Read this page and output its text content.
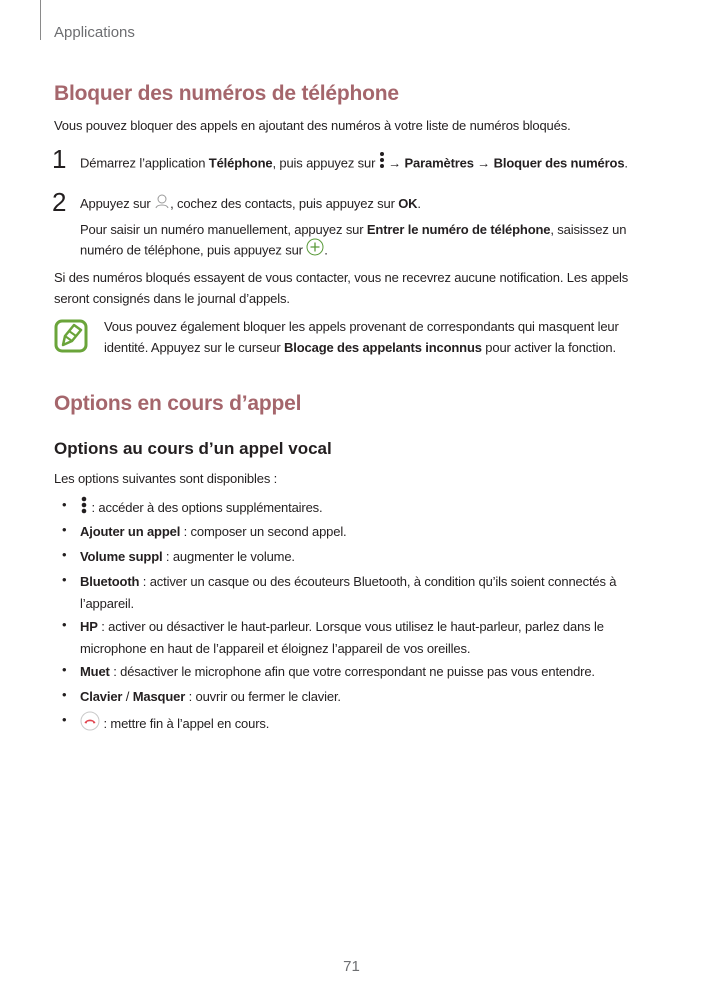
Applications
Bloquer des numéros de téléphone
Vous pouvez bloquer des appels en ajoutant des numéros à votre liste de numéros bloqués.
1 Démarrez l’application Téléphone, puis appuyez sur  → Paramètres → Bloquer des numéros.
2 Appuyez sur , cochez des contacts, puis appuyez sur OK.
Pour saisir un numéro manuellement, appuyez sur Entrer le numéro de téléphone, saisissez un
numéro de téléphone, puis appuyez sur .
Si des numéros bloqués essayent de vous contacter, vous ne recevrez aucune notification. Les appels
seront consignés dans le journal d’appels.
Vous pouvez également bloquer les appels provenant de correspondants qui masquent leur
identité. Appuyez sur le curseur Blocage des appelants inconnus pour activer la fonction.
Options en cours d’appel
Options au cours d’un appel vocal
Les options suivantes sont disponibles :
•	: accéder à des options supplémentaires.
• Ajouter un appel : composer un second appel.
• Volume suppl : augmenter le volume.
• Bluetooth : activer un casque ou des écouteurs Bluetooth, à condition qu’ils soient connectés à l’appareil.
• HP : activer ou désactiver le haut-parleur. Lorsque vous utilisez le haut-parleur, parlez dans le microphone en haut de l’appareil et éloignez l’appareil de vos oreilles.
• Muet : désactiver le microphone afin que votre correspondant ne puisse pas vous entendre.
• Clavier / Masquer : ouvrir ou fermer le clavier.
•	: mettre fin à l’appel en cours.
71
